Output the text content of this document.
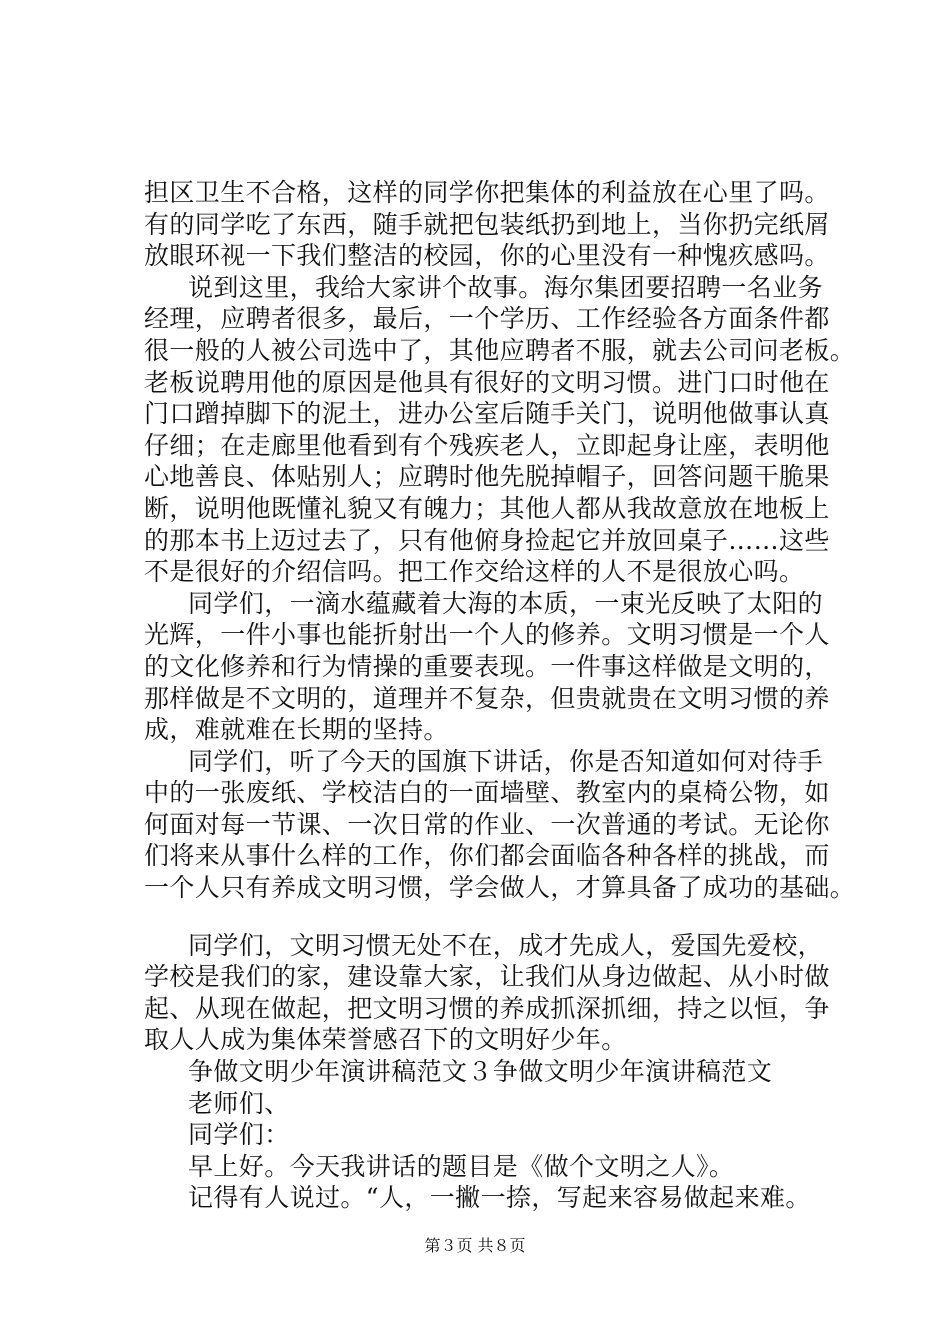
担区卫生不合格，这样的同学你把集体的利益放在心里了吗。
有的同学吃了东西，随手就把包装纸扔到地上，当你扔完纸屑
放眼环视一下我们整洁的校园，你的心里没有一种愧疚感吗。
说到这里，我给大家讲个故事。海尔集团要招聘一名业务
经理，应聘者很多，最后，一个学历、工作经验各方面条件都
很一般的人被公司选中了，其他应聘者不服，就去公司问老板。
老板说聘用他的原因是他具有很好的文明习惯。进门口时他在
门口蹭掉脚下的泥土，进办公室后随手关门，说明他做事认真
仔细；在走廊里他看到有个残疾老人，立即起身让座，表明他
心地善良、体贴别人；应聘时他先脱掉帽子，回答问题干脆果
断，说明他既懂礼貌又有魄力；其他人都从我故意放在地板上
的那本书上迈过去了，只有他俯身捡起它并放回桌子……这些
不是很好的介绍信吗。把工作交给这样的人不是很放心吗。
同学们，一滴水蕴藏着大海的本质，一束光反映了太阳的
光辉，一件小事也能折射出一个人的修养。文明习惯是一个人
的文化修养和行为情操的重要表现。一件事这样做是文明的，
那样做是不文明的，道理并不复杂，但贵就贵在文明习惯的养
成，难就难在长期的坚持。
同学们，听了今天的国旗下讲话，你是否知道如何对待手
中的一张废纸、学校洁白的一面墙壁、教室内的桌椅公物，如
何面对每一节课、一次日常的作业、一次普通的考试。无论你
们将来从事什么样的工作，你们都会面临各种各样的挑战，而
一个人只有养成文明习惯，学会做人，才算具备了成功的基础。
同学们，文明习惯无处不在，成才先成人，爱国先爱校，
学校是我们的家，建设靠大家，让我们从身边做起、从小时做
起、从现在做起，把文明习惯的养成抓深抓细，持之以恒，争
取人人成为集体荣誉感召下的文明好少年。
争做文明少年演讲稿范文３争做文明少年演讲稿范文
老师们、
同学们：
早上好。今天我讲话的题目是《做个文明之人》。
记得有人说过。“人，一撇一捺，写起来容易做起来难。
第３页 共８页
